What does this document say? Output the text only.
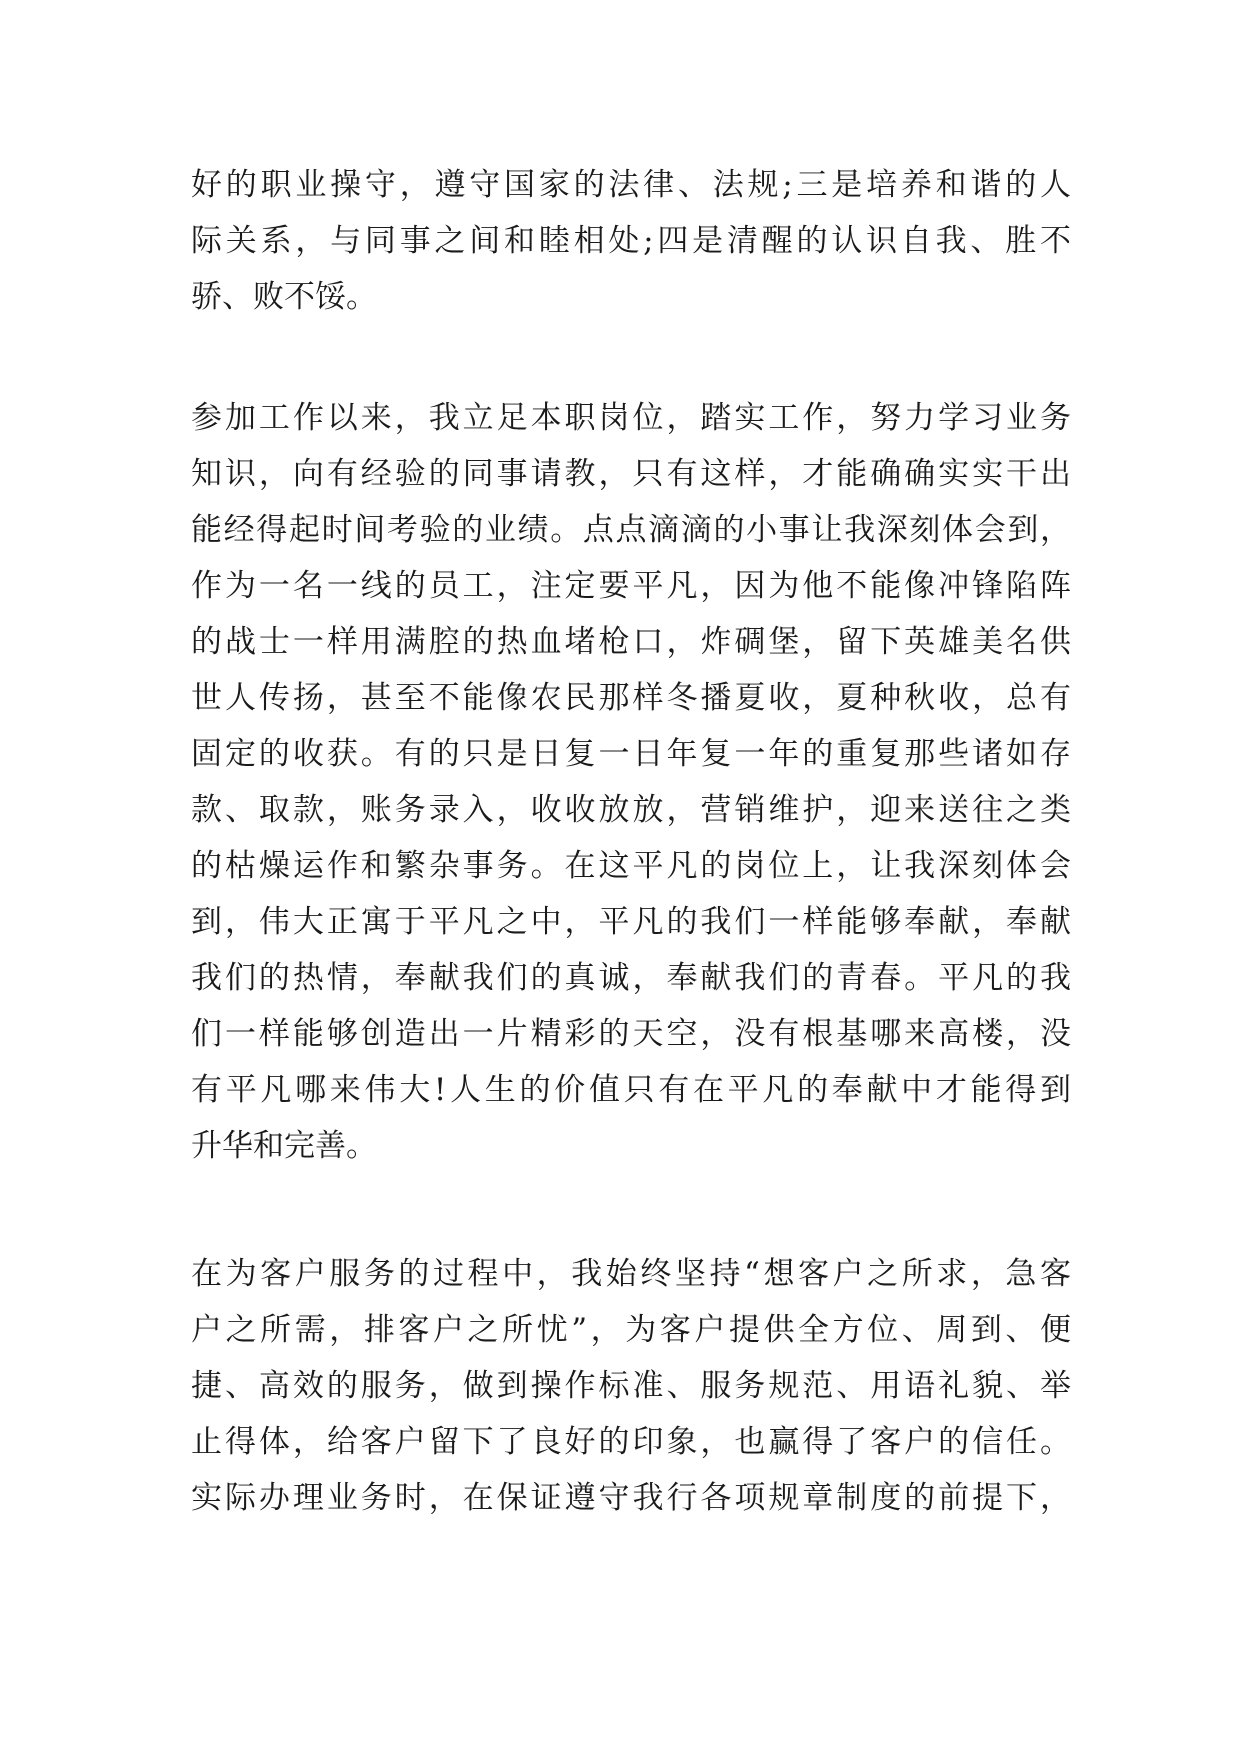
好的职业操守，遵守国家的法律、法规;三是培养和谐的人
际关系，与同事之间和睦相处;四是清醒的认识自我、胜不
骄、败不馁。
参加工作以来，我立足本职岗位，踏实工作，努力学习业务
知识，向有经验的同事请教，只有这样，才能确确实实干出
能经得起时间考验的业绩。点点滴滴的小事让我深刻体会到，
作为一名一线的员工，注定要平凡，因为他不能像冲锋陷阵
的战士一样用满腔的热血堵枪口，炸碉堡，留下英雄美名供
世人传扬，甚至不能像农民那样冬播夏收，夏种秋收，总有
固定的收获。有的只是日复一日年复一年的重复那些诸如存
款、取款，账务录入，收收放放，营销维护，迎来送往之类
的枯燥运作和繁杂事务。在这平凡的岗位上，让我深刻体会
到，伟大正寓于平凡之中，平凡的我们一样能够奉献，奉献
我们的热情，奉献我们的真诚，奉献我们的青春。平凡的我
们一样能够创造出一片精彩的天空，没有根基哪来高楼，没
有平凡哪来伟大!人生的价值只有在平凡的奉献中才能得到
升华和完善。
在为客户服务的过程中，我始终坚持“想客户之所求，急客
户之所需，排客户之所忧”，为客户提供全方位、周到、便
捷、高效的服务，做到操作标准、服务规范、用语礼貌、举
止得体，给客户留下了良好的印象，也赢得了客户的信任。
实际办理业务时，在保证遵守我行各项规章制度的前提下，
